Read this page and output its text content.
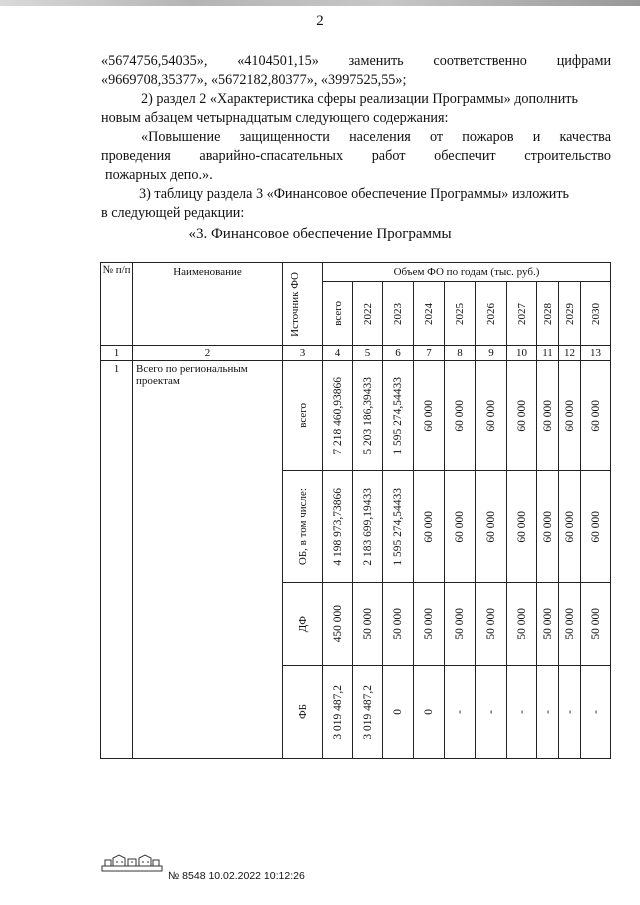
2
«5674756,54035», «4104501,15» заменить соответственно цифрами
«9669708,35377», «5672182,80377», «3997525,55»;
2) раздел 2 «Характеристика сферы реализации Программы» дополнить
новым абзацем четырнадцатым следующего содержания:
«Повышение защищенности населения от пожаров и качества
проведения аварийно-спасательных работ обеспечит строительство
пожарных депо.».
3) таблицу раздела 3 «Финансовое обеспечение Программы» изложить
в следующей редакции:
«3. Финансовое обеспечение Программы
№ п/п	Наименование	Источник ФО	Объем ФО по годам (тыс. руб.)									

			всего	2022	2023	2024	2025	2026	2027	2028	2029	2030

1	2	3	4	5	6	7	8	9	10	11	12	13
1	Всего по региональным проектам	всего	7 218 460,93866	5 203 186,39433	1 595 274,54433	60 000	60 000	60 000	60 000	60 000	60 000	60 000

		ОБ, в том числе:	4 198 973,73866	2 183 699,19433	1 595 274,54433	60 000	60 000	60 000	60 000	60 000	60 000	60 000

		ДФ	450 000	50 000	50 000	50 000	50 000	50 000	50 000	50 000	50 000	50 000

		ФБ	3 019 487,2	3 019 487,2	0	0	-	-	-	-	-	-
№ 8548 10.02.2022 10:12:26
